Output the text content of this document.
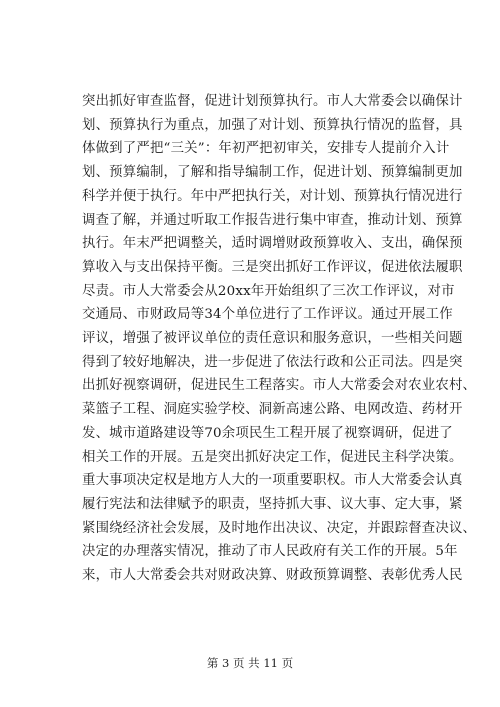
突出抓好审查监督，促进计划预算执行。市人大常委会以确保计
划、预算执行为重点，加强了对计划、预算执行情况的监督，具
体做到了严把“三关”：年初严把初审关，安排专人提前介入计
划、预算编制，了解和指导编制工作，促进计划、预算编制更加
科学并便于执行。年中严把执行关，对计划、预算执行情况进行
调查了解，并通过听取工作报告进行集中审查，推动计划、预算
执行。年末严把调整关，适时调增财政预算收入、支出，确保预
算收入与支出保持平衡。三是突出抓好工作评议，促进依法履职
尽责。市人大常委会从20xx年开始组织了三次工作评议，对市
交通局、市财政局等34个单位进行了工作评议。通过开展工作
评议，增强了被评议单位的责任意识和服务意识，一些相关问题
得到了较好地解决，进一步促进了依法行政和公正司法。四是突
出抓好视察调研，促进民生工程落实。市人大常委会对农业农村、
菜篮子工程、洞庭实验学校、洞新高速公路、电网改造、药材开
发、城市道路建设等70余项民生工程开展了视察调研，促进了
相关工作的开展。五是突出抓好决定工作，促进民主科学决策。
重大事项决定权是地方人大的一项重要职权。市人大常委会认真
履行宪法和法律赋予的职责，坚持抓大事、议大事、定大事，紧
紧围绕经济社会发展，及时地作出决议、决定，并跟踪督查决议、
决定的办理落实情况，推动了市人民政府有关工作的开展。5年
来，市人大常委会共对财政决算、财政预算调整、表彰优秀人民
第 3 页 共 11 页
